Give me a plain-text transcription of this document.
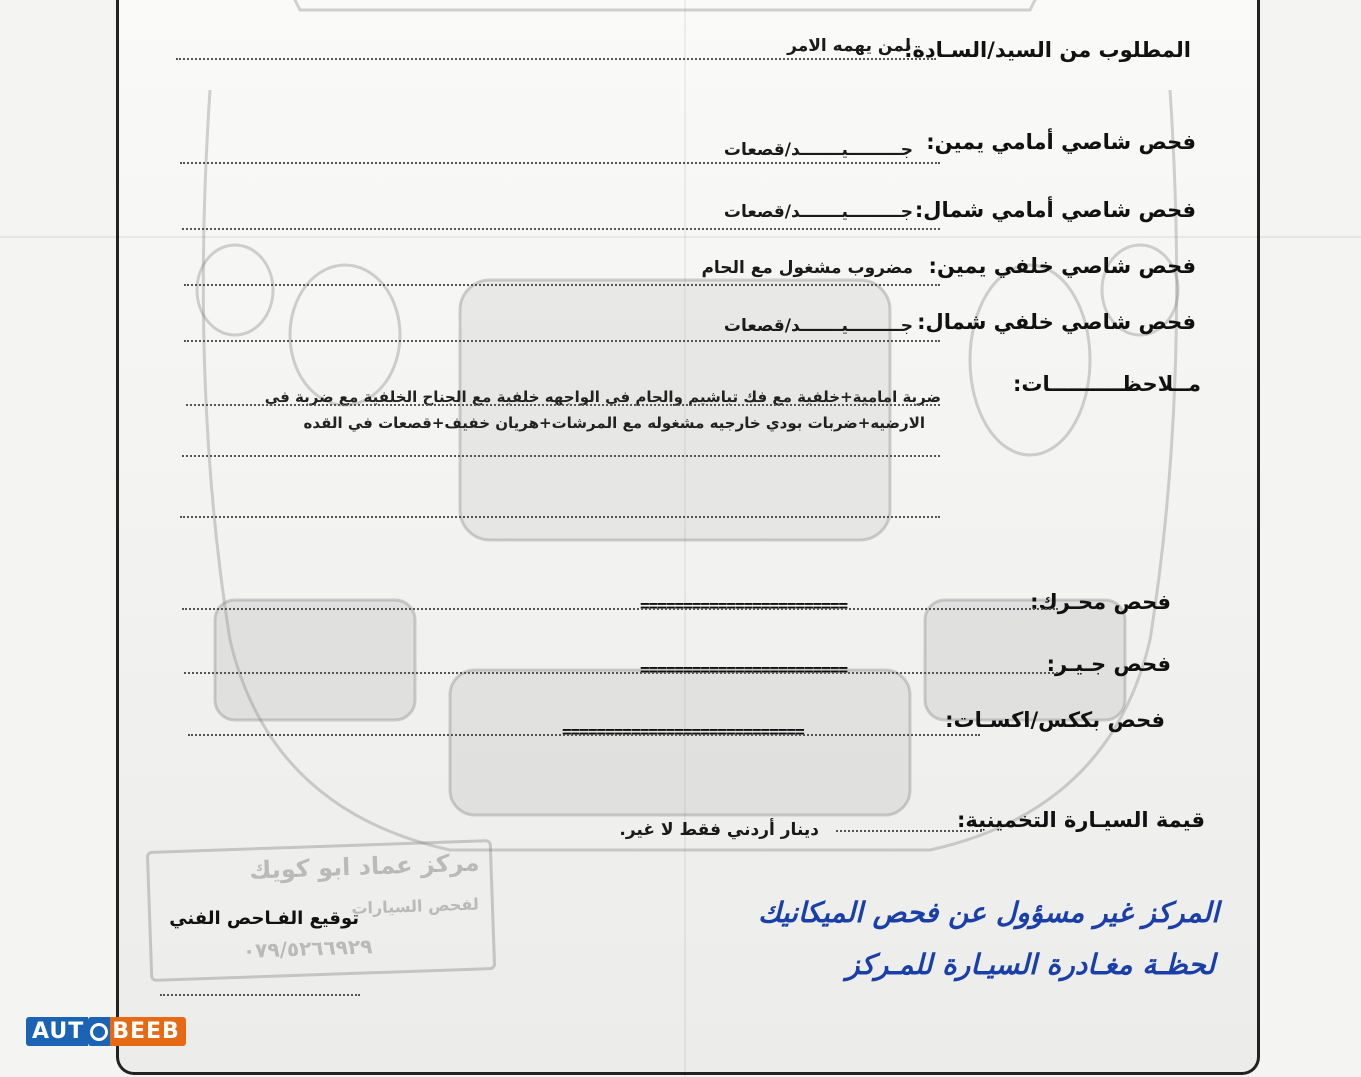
المطلوب من السيد/السـادة:
لمن يهمه الامر
فحص شاصي أمامي يمين:
جـــــــــيـــــــد/قصعات
فحص شاصي أمامي شمال:
جـــــــــيـــــــد/قصعات
فحص شاصي خلفي يمين:
مضروب مشغول مع الحام
فحص شاصي خلفي شمال:
جـــــــــيـــــــد/قصعات
مــلاحظــــــــــات:
ضربة امامية+خلفية مع فك تباشيم والحام في الواجهه خلفية مع الجناح الخلفية مع ضربة في
الارضيه+ضربات بودي خارجيه مشغوله مع المرشات+هريان خفيف+قصعات في القده
فحص محـرك:
========================
فحص جـيـر:
========================
فحص بككس/اكسـات:
============================
قيمة السيـارة التخمينية:
دينار أردني فقط لا غير.
مركز عماد ابو كويك
لفحص السيارات
٠٧٩/٥٢٦٦٩٢٩
توقيع الفـاحص الفني	المركز غير مسؤول عن فحص الميكانيك
لحظـة مغـادرة السيـارة للمـركز
AUT BEEB
